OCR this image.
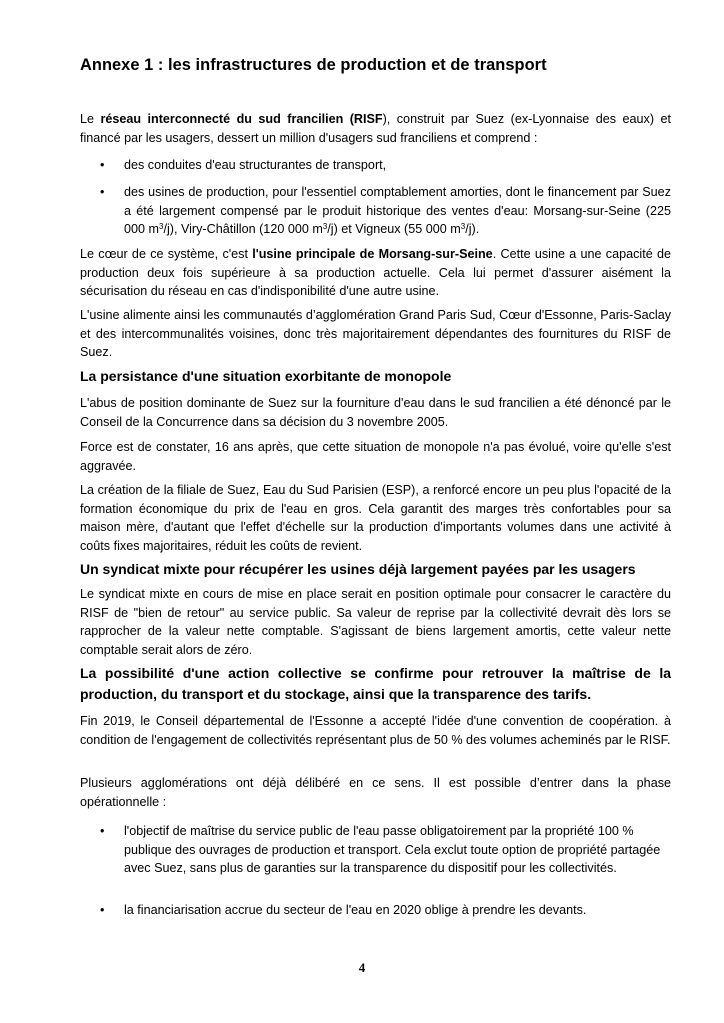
Annexe 1 : les infrastructures de production et de transport
Le réseau interconnecté du sud francilien (RISF), construit par Suez (ex-Lyonnaise des eaux) et financé par les usagers, dessert un million d'usagers sud franciliens et comprend :
• des conduites d'eau structurantes de transport,
• des usines de production, pour l'essentiel comptablement amorties, dont le financement par Suez a été largement compensé par le produit historique des ventes d'eau: Morsang-sur-Seine (225 000 $m^3/j$), Viry-Châtillon (120 000 $m^3/j$) et Vigneux (55 000 $m^3/j$).
Le cœur de ce système, c'est l'usine principale de Morsang-sur-Seine. Cette usine a une capacité de production deux fois supérieure à sa production actuelle. Cela lui permet d'assurer aisément la sécurisation du réseau en cas d'indisponibilité d'une autre usine.
L'usine alimente ainsi les communautés d’agglomération Grand Paris Sud, Cœur d'Essonne, Paris-Saclay et des intercommunalités voisines, donc très majoritairement dépendantes des fournitures du RISF de Suez.
La persistance d'une situation exorbitante de monopole
L'abus de position dominante de Suez sur la fourniture d'eau dans le sud francilien a été dénoncé par le Conseil de la Concurrence dans sa décision du 3 novembre 2005.
Force est de constater, 16 ans après, que cette situation de monopole n'a pas évolué, voire qu'elle s'est aggravée.
La création de la filiale de Suez, Eau du Sud Parisien (ESP), a renforcé encore un peu plus l'opacité de la formation économique du prix de l'eau en gros. Cela garantit des marges très confortables pour sa maison mère, d'autant que l'effet d'échelle sur la production d'importants volumes dans une activité à coûts fixes majoritaires, réduit les coûts de revient.
Un syndicat mixte pour récupérer les usines déjà largement payées par les usagers
Le syndicat mixte en cours de mise en place serait en position optimale pour consacrer le caractère du RISF de "bien de retour" au service public. Sa valeur de reprise par la collectivité devrait dès lors se rapprocher de la valeur nette comptable. S'agissant de biens largement amortis, cette valeur nette comptable serait alors de zéro.
La possibilité d'une action collective se confirme pour retrouver la maîtrise de la production, du transport et du stockage, ainsi que la transparence des tarifs.
Fin 2019, le Conseil départemental de l'Essonne a accepté l'idée d'une convention de coopération. à condition de l'engagement de collectivités représentant plus de 50 % des volumes acheminés par le RISF.
Plusieurs agglomérations ont déjà délibéré en ce sens. Il est possible d’entrer dans la phase opérationnelle :
• l'objectif de maîtrise du service public de l'eau passe obligatoirement par la propriété 100 % publique des ouvrages de production et transport. Cela exclut toute option de propriété partagée avec Suez, sans plus de garanties sur la transparence du dispositif pour les collectivités.
• la financiarisation accrue du secteur de l'eau en 2020 oblige à prendre les devants.
4
